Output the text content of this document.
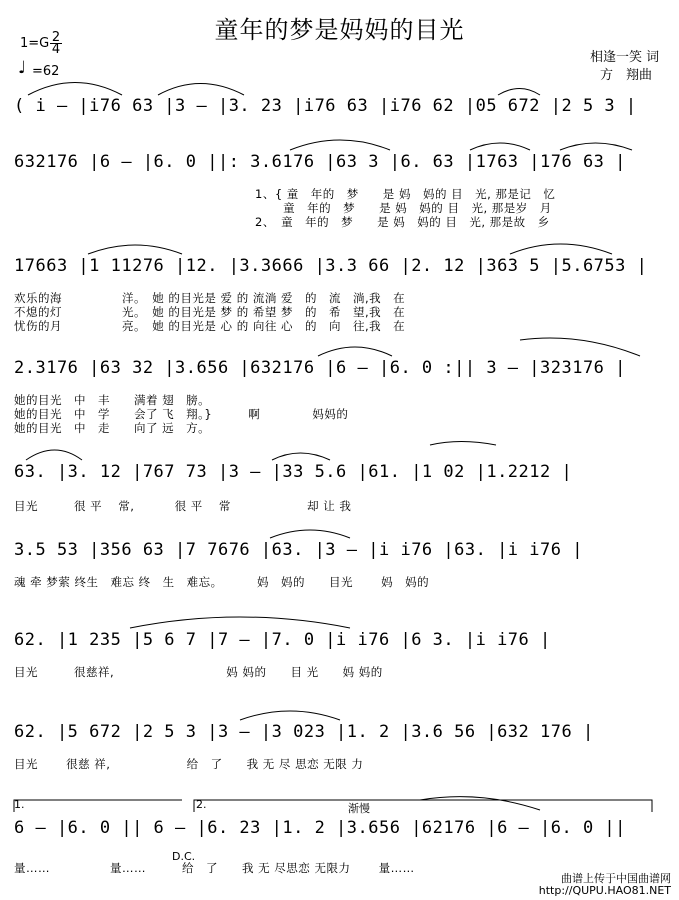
童年的梦是妈妈的目光
1=G 2
4
♩ =62
相逢一笑 词
方　翔曲
( i – |i76 63 |3 – |3. 23 |i76 63 |i76 62 |05 672 |2 5 3 |
632176 |6 – |6. 0 ||: 3.6176 |63 3 |6. 63 |1763 |176 63 |
1、{ 童　年的　梦　　是 妈　妈的 目　光, 那是记　忆
　　 童　年的　梦　　是 妈　妈的 目　光, 那是岁　月
2、　童　年的　梦　　是 妈　妈的 目　光, 那是故　乡
17663 |1 11276 |12. |3.3666 |3.3 66 |2. 12 |363 5 |5.6753 |
欢乐的海　　　　　洋。　她 的目光是 爱 的 流淌 爱　的　流　淌,我　在
不熄的灯　　　　　光。　她 的目光是 梦 的 希望 梦　的　希　望,我　在
忧伤的月　　　　　亮。　她 的目光是 心 的 向往 心　的　向　往,我　在
2.3176 |63 32 |3.656 |632176 |6 – |6. 0 :|| 3 – |323176 |
她的目光　中　丰　　满着 翅　膀。
她的目光　中　学　　会了 飞　翔。}　　　啊　　　　 妈妈的
她的目光　中　走　　向了 远　方。
63. |3. 12 |767 73 |3 – |33 5.6 |61. |1 02 |1.2212 |
目光　　　很 平　 常,　　　 很 平　 常　　　　　　 却 让 我
3.5 53 |356 63 |7 7676 |63. |3 – |i i76 |63. |i i76 |
魂 牵 梦萦 终生　难忘 终　生　难忘。　　　 妈　妈的　　目光　　 妈　妈的
62. |1 235 |5 6 7 |7 – |7. 0 |i i76 |6 3. |i i76 |
目光　　　很慈祥,　　　　　　　　　 妈 妈的　　目 光　　妈 妈的
62. |5 672 |2 5 3 |3 – |3 023 |1. 2 |3.6 56 |632 176 |
目光　　 很慈 祥,　　　　　　 给　了　　我 无 尽 思恋 无限 力
1.	2.	渐慢
6 – |6. 0 || 6 – |6. 23 |1. 2 |3.656 |62176 |6 – |6. 0 ||
D.C.
量……　　　　　量……　　　给　了　　我 无 尽思恋 无限力　　 量……
曲谱上传于中国曲谱网
http://QUPU.HAO81.NET
